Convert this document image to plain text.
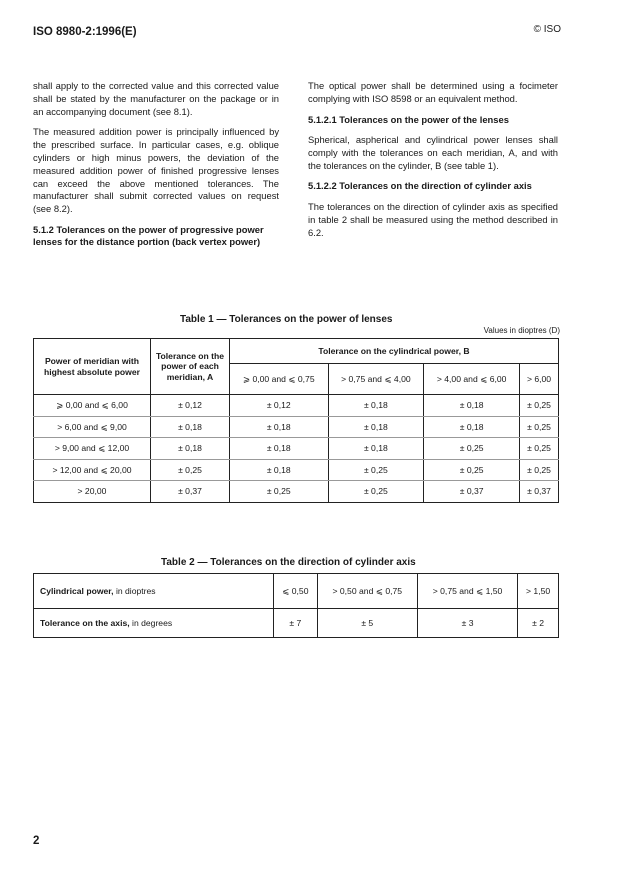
ISO 8980-2:1996(E)	© ISO

shall apply to the corrected value and this corrected value shall be stated by the manufacturer on the package or in an accompanying document (see 8.1).

The measured addition power is principally influenced by the prescribed surface. In particular cases, e.g. oblique cylinders or high minus powers, the deviation of the measured addition power of finished progressive lenses can exceed the above mentioned tolerances. The manufacturer shall submit corrected values on request (see 8.2).

5.1.2 Tolerances on the power of progressive power lenses for the distance portion (back vertex power)

The optical power shall be determined using a focimeter complying with ISO 8598 or an equivalent method.

5.1.2.1 Tolerances on the power of the lenses

Spherical, aspherical and cylindrical power lenses shall comply with the tolerances on each meridian, A, and with the tolerances on the cylinder, B (see table 1).

5.1.2.2 Tolerances on the direction of cylinder axis

The tolerances on the direction of cylinder axis as specified in table 2 shall be measured using the method described in 6.2.

Table 1 — Tolerances on the power of lenses
Values in dioptres (D)
Power of meridian with highest absolute power	Tolerance on the power of each meridian, A	Tolerance on the cylindrical power, B			
		⩾ 0,00 and ⩽ 0,75	> 0,75 and ⩽ 4,00	> 4,00 and ⩽ 6,00	> 6,00
⩾ 0,00 and ⩽ 6,00	± 0,12	± 0,12	± 0,18	± 0,18	± 0,25
> 6,00 and ⩽ 9,00	± 0,18	± 0,18	± 0,18	± 0,18	± 0,25
> 9,00 and ⩽ 12,00	± 0,18	± 0,18	± 0,18	± 0,25	± 0,25
> 12,00 and ⩽ 20,00	± 0,25	± 0,18	± 0,25	± 0,25	± 0,25
> 20,00	± 0,37	± 0,25	± 0,25	± 0,37	± 0,37
Table 2 — Tolerances on the direction of cylinder axis
Cylindrical power, in dioptres	⩽ 0,50	> 0,50 and ⩽ 0,75	> 0,75 and ⩽ 1,50	> 1,50
Tolerance on the axis, in degrees	± 7	± 5	± 3	± 2
2
